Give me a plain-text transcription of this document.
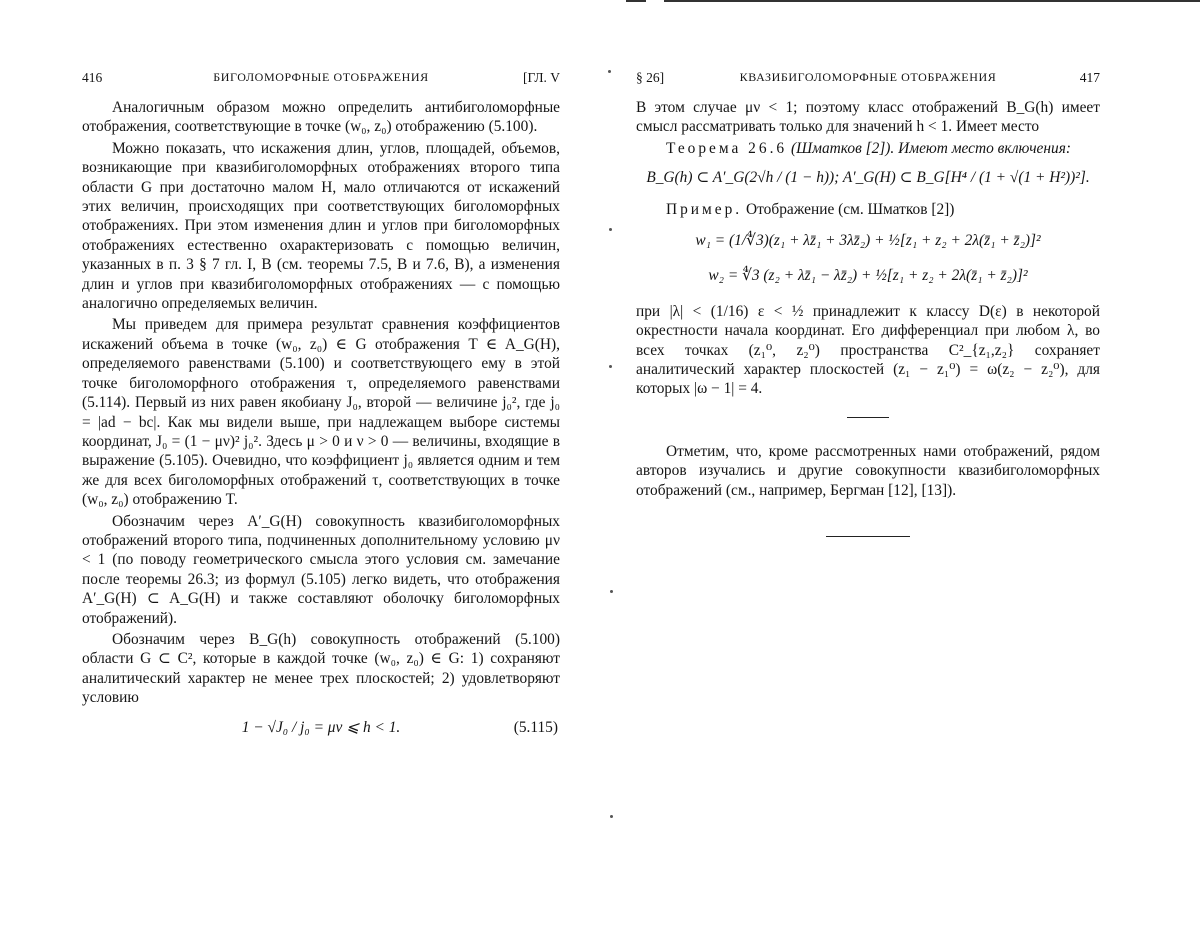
416	БИГОЛОМОРФНЫЕ ОТОБРАЖЕНИЯ	[ГЛ. V

Аналогичным образом можно определить антибиголоморфные отображения, соответствующие в точке (w₀, z₀) отображению (5.100).

Можно показать, что искажения длин, углов, площадей, объемов, возникающие при квазибиголоморфных отображениях второго типа области G при достаточно малом H, мало отличаются от искажений этих величин, происходящих при соответствующих биголоморфных отображениях. При этом изменения длин и углов при биголоморфных отображениях естественно охарактеризовать с помощью величин, указанных в п. 3 § 7 гл. I, B (см. теоремы 7.5, B и 7.6, B), а изменения длин и углов при квазибиголоморфных отображениях — с помощью аналогично определяемых величин.

Мы приведем для примера результат сравнения коэффициентов искажений объема в точке (w₀, z₀) ∈ G отображения T ∈ A_G(H), определяемого равенствами (5.100) и соответствующего ему в этой точке биголоморфного отображения τ, определяемого равенствами (5.114). Первый из них равен якобиану J₀, второй — величине j₀², где j₀ = |ad − bc|. Как мы видели выше, при надлежащем выборе системы координат, J₀ = (1 − μν)² j₀². Здесь μ > 0 и ν > 0 — величины, входящие в выражение (5.105). Очевидно, что коэффициент j₀ является одним и тем же для всех биголоморфных отображений τ, соответствующих в точке (w₀, z₀) отображению T.

Обозначим через A′_G(H) совокупность квазибиголоморфных отображений второго типа, подчиненных дополнительному условию μν < 1 (по поводу геометрического смысла этого условия см. замечание после теоремы 26.3; из формул (5.105) легко видеть, что отображения A′_G(H) ⊂ A_G(H) и также составляют оболочку биголоморфных отображений).

Обозначим через B_G(h) совокупность отображений (5.100) области G ⊂ C², которые в каждой точке (w₀, z₀) ∈ G: 1) сохраняют аналитический характер не менее трех плоскостей; 2) удовлетворяют условию

1 − √J₀ / j₀ = μν ⩽ h < 1.	(5.115)
§ 26]	КВАЗИБИГОЛОМОРФНЫЕ ОТОБРАЖЕНИЯ	417

В этом случае μν < 1; поэтому класс отображений B_G(h) имеет смысл рассматривать только для значений h < 1. Имеет место

Теорема 26.6 (Шматков [2]). Имеют место включения:

B_G(h) ⊂ A′_G(2√h / (1 − h)); A′_G(H) ⊂ B_G[H⁴ / (1 + √(1 + H²))²].

Пример. Отображение (см. Шматков [2])

w₁ = (1/∜3)(z₁ + λz̄₁ + 3λz̄₂) + ½[z₁ + z₂ + 2λ(z̄₁ + z̄₂)]²
w₂ = ∜3 (z₂ + λz̄₁ − λz̄₂) + ½[z₁ + z₂ + 2λ(z̄₁ + z̄₂)]²

при |λ| < (1/16) ε < ½ принадлежит к классу D(ε) в некоторой окрестности начала координат. Его дифференциал при любом λ, во всех точках (z₁⁰, z₂⁰) пространства C²_{z₁,z₂} сохраняет аналитический характер плоскостей (z₁ − z₁⁰) = ω(z₂ − z₂⁰), для которых |ω − 1| = 4.

Отметим, что, кроме рассмотренных нами отображений, рядом авторов изучались и другие совокупности квазибиголоморфных отображений (см., например, Бергман [12], [13]).
